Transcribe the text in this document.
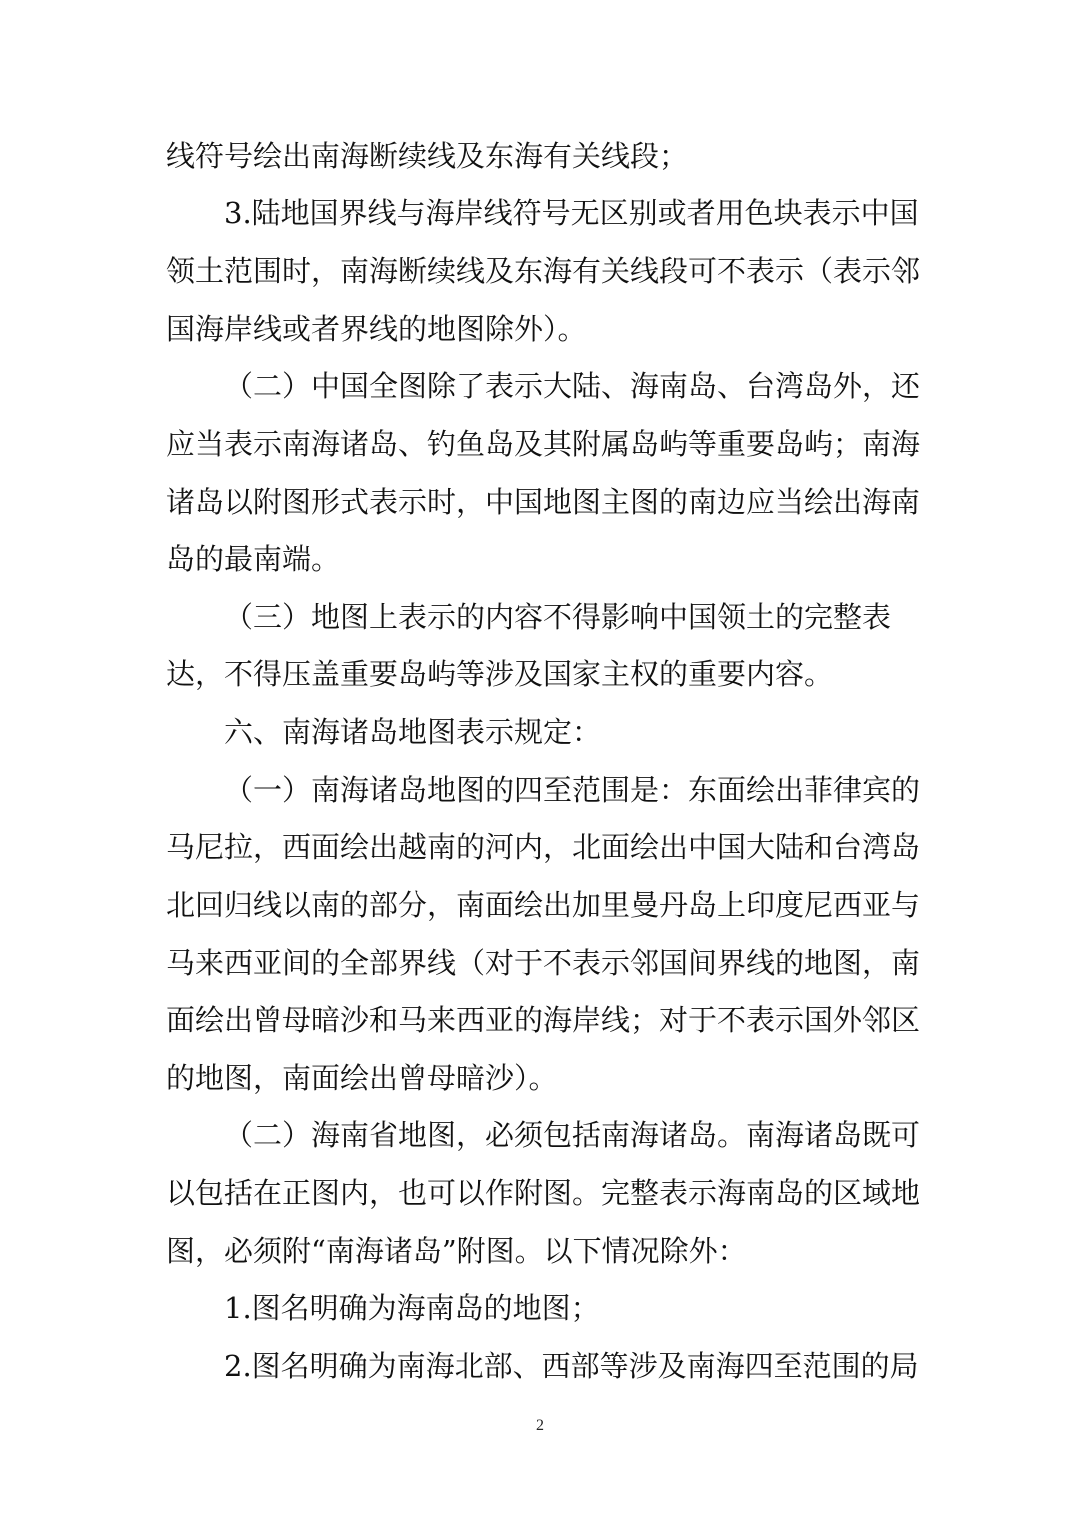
线符号绘出南海断续线及东海有关线段；
3.陆地国界线与海岸线符号无区别或者用色块表示中国
领土范围时，南海断续线及东海有关线段可不表示（表示邻
国海岸线或者界线的地图除外）。
（二）中国全图除了表示大陆、海南岛、台湾岛外，还
应当表示南海诸岛、钓鱼岛及其附属岛屿等重要岛屿；南海
诸岛以附图形式表示时，中国地图主图的南边应当绘出海南
岛的最南端。
（三）地图上表示的内容不得影响中国领土的完整表
达，不得压盖重要岛屿等涉及国家主权的重要内容。
六、南海诸岛地图表示规定：
（一）南海诸岛地图的四至范围是：东面绘出菲律宾的
马尼拉，西面绘出越南的河内，北面绘出中国大陆和台湾岛
北回归线以南的部分，南面绘出加里曼丹岛上印度尼西亚与
马来西亚间的全部界线（对于不表示邻国间界线的地图，南
面绘出曾母暗沙和马来西亚的海岸线；对于不表示国外邻区
的地图，南面绘出曾母暗沙）。
（二）海南省地图，必须包括南海诸岛。南海诸岛既可
以包括在正图内，也可以作附图。完整表示海南岛的区域地
图，必须附“南海诸岛”附图。以下情况除外：
1.图名明确为海南岛的地图；
2.图名明确为南海北部、西部等涉及南海四至范围的局
2
